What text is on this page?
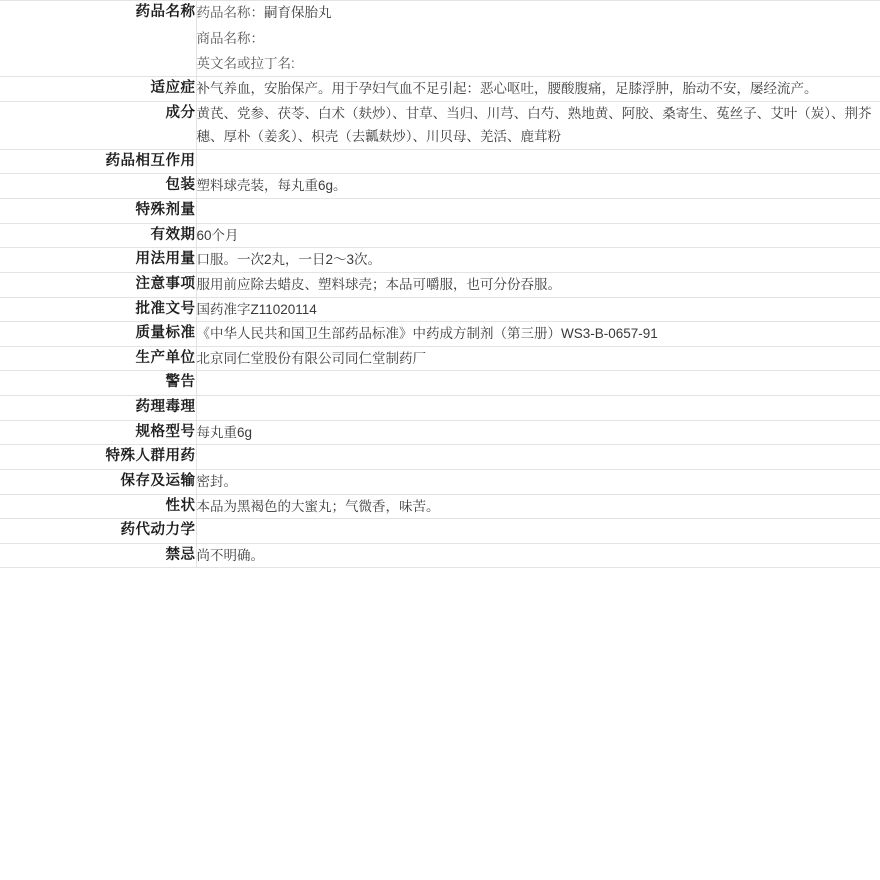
药品名称	药品名称：嗣育保胎丸
商品名称：
英文名或拉丁名:

适应症	补气养血，安胎保产。用于孕妇气血不足引起：恶心呕吐，腰酸腹痛，足膝浮肿，胎动不安，屡经流产。
成分	黄芪、党参、茯苓、白术（麸炒）、甘草、当归、川芎、白芍、熟地黄、阿胶、桑寄生、菟丝子、艾叶（炭）、荆芥穗、厚朴（姜炙）、枳壳（去瓤麸炒）、川贝母、羌活、鹿茸粉
药品相互作用	
包装	塑料球壳装，每丸重6g。
特殊剂量	
有效期	60个月
用法用量	口服。一次2丸，一日2～3次。
注意事项	服用前应除去蜡皮、塑料球壳；本品可嚼服，也可分份吞服。
批准文号	国药准字Z11020114
质量标准	《中华人民共和国卫生部药品标准》中药成方制剂（第三册）WS3-B-0657-91
生产单位	北京同仁堂股份有限公司同仁堂制药厂
警告	
药理毒理	
规格型号	每丸重6g
特殊人群用药	
保存及运输	密封。
性状	本品为黑褐色的大蜜丸；气微香，味苦。
药代动力学	
禁忌	尚不明确。
